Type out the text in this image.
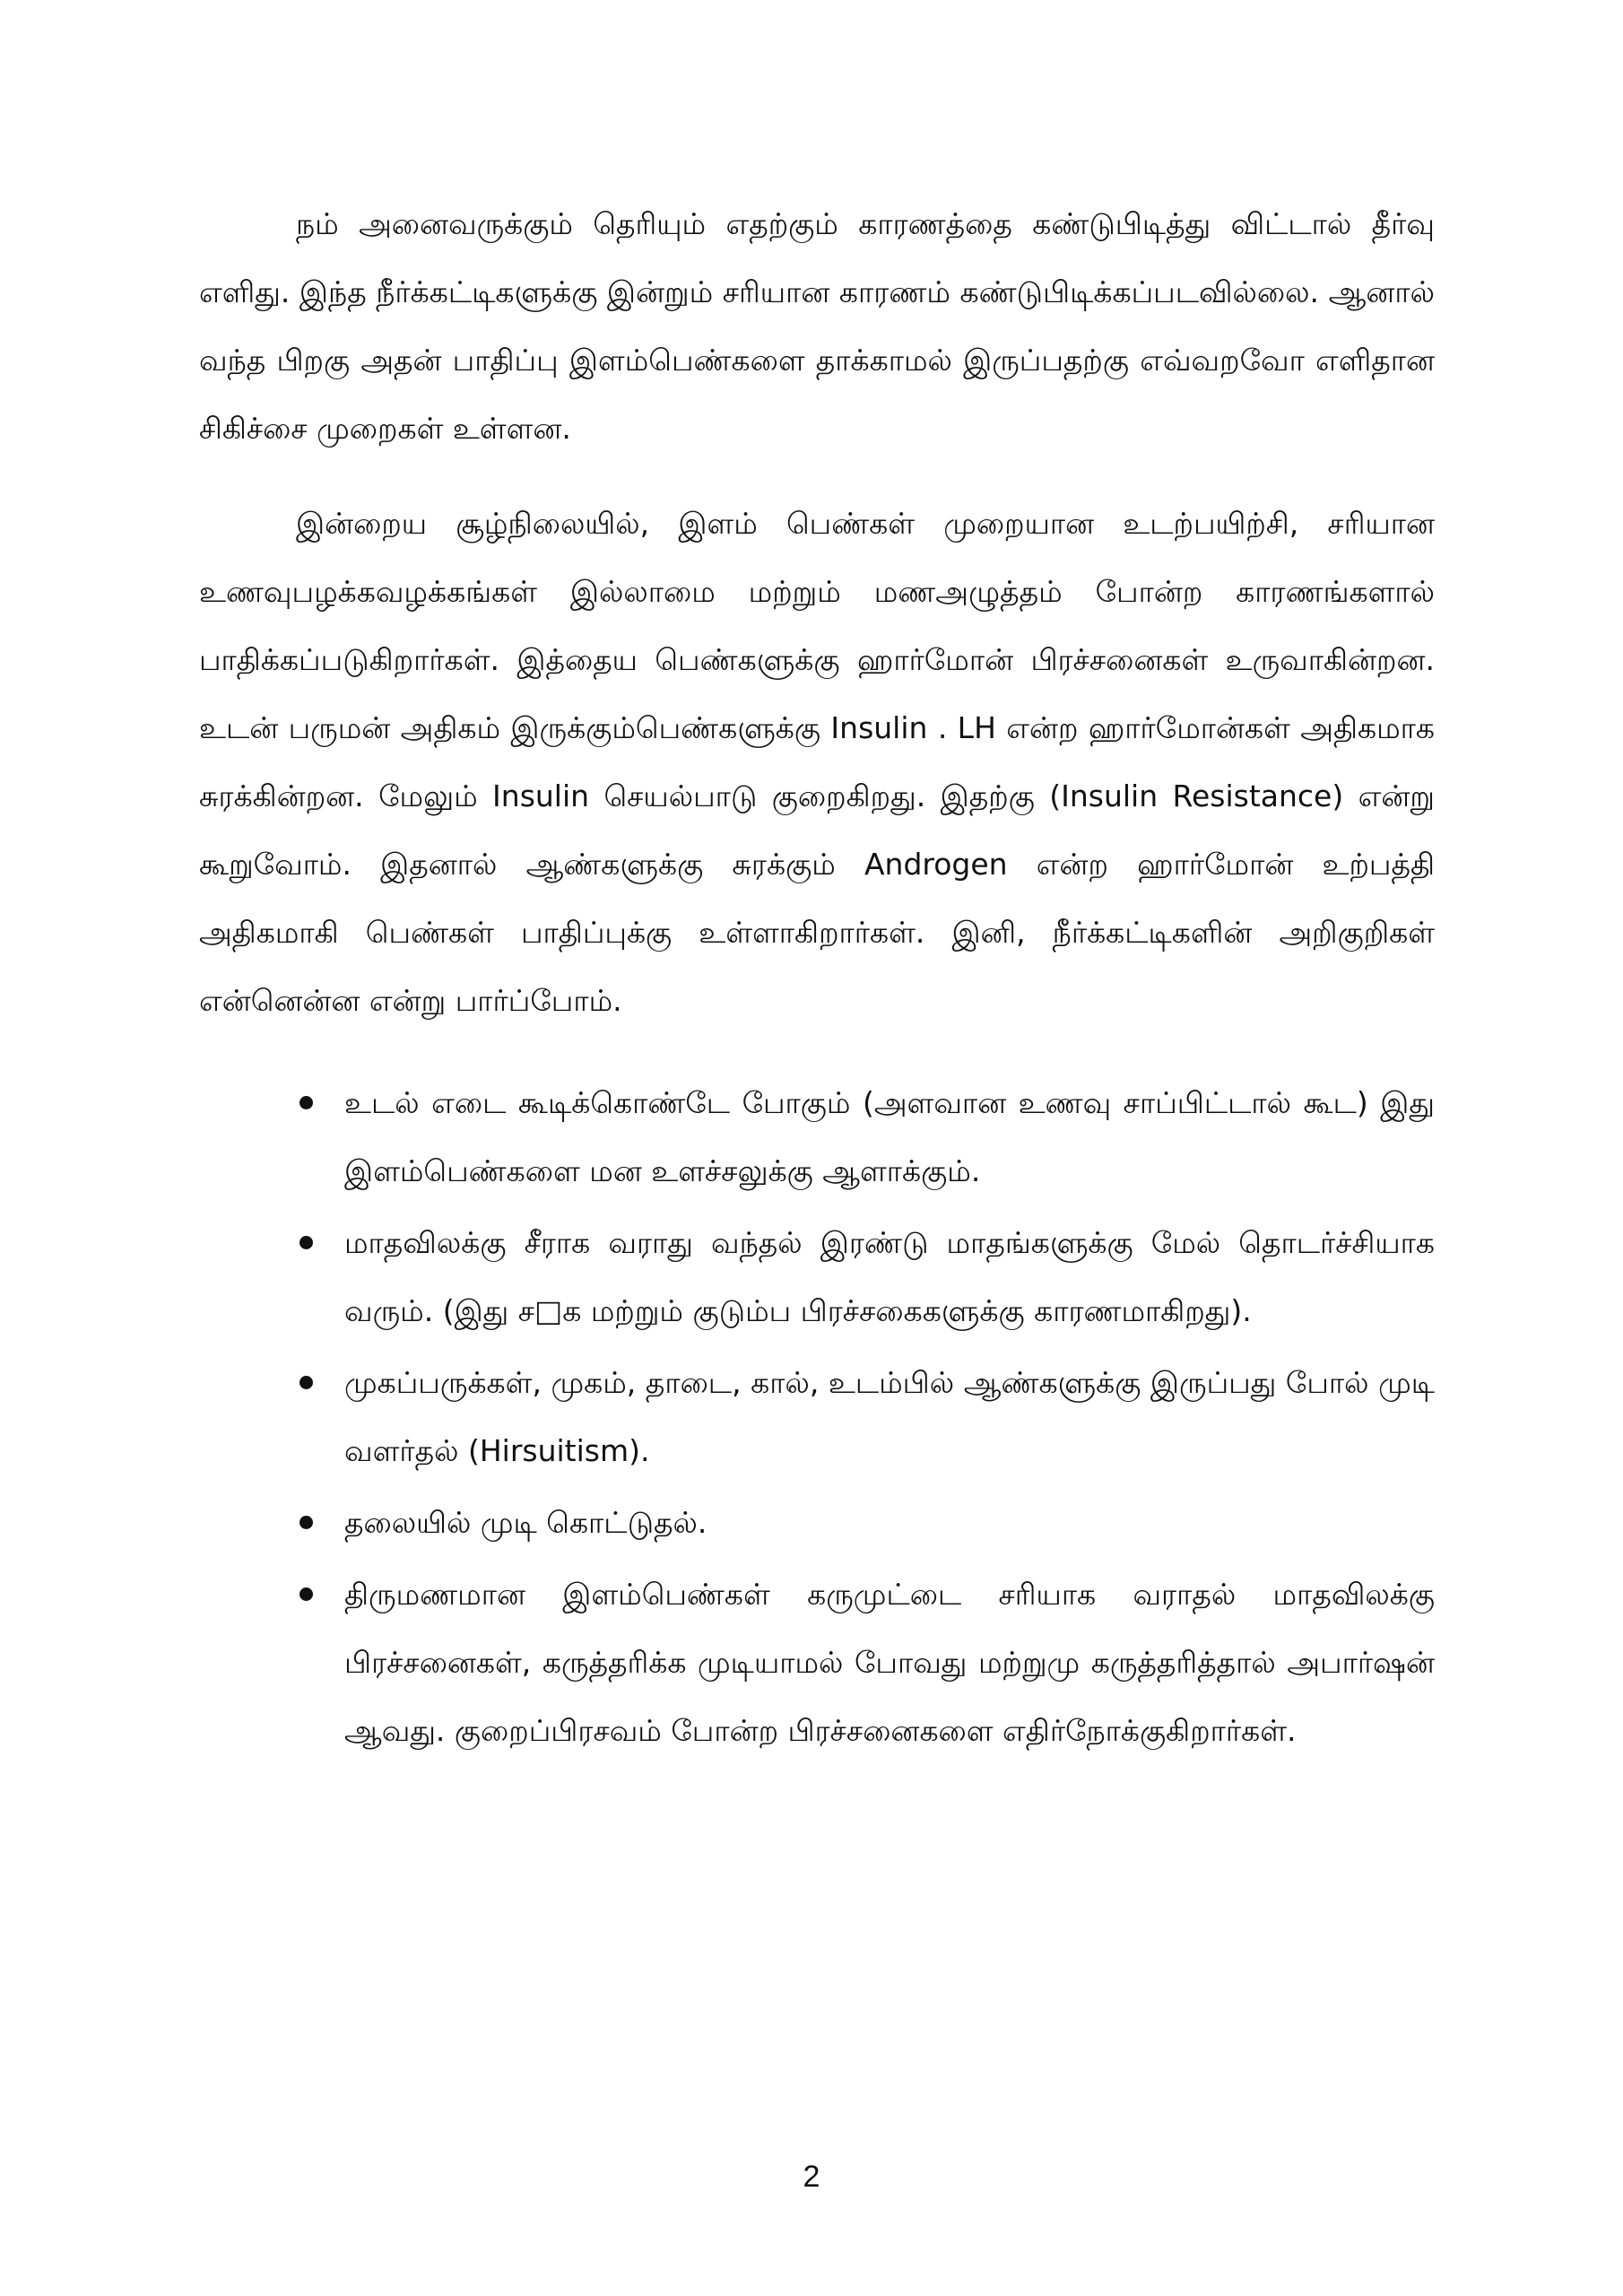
நம் அனைவருக்கும் தெரியும் எதற்கும் காரணத்தை கண்டுபிடித்து விட்டால் தீர்வு எளிது. இந்த நீர்க்கட்டிகளுக்கு இன்றும் சரியான காரணம் கண்டுபிடிக்கப்படவில்லை. ஆனால் வந்த பிறகு அதன் பாதிப்பு இளம்பெண்களை தாக்காமல் இருப்பதற்கு எவ்வறவோ எளிதான சிகிச்சை முறைகள் உள்ளன.

இன்றைய சூழ்நிலையில், இளம் பெண்கள் முறையான உடற்பயிற்சி, சரியான உணவுபழக்கவழக்கங்கள் இல்லாமை மற்றும் மணஅழுத்தம் போன்ற காரணங்களால் பாதிக்கப்படுகிறார்கள். இத்தைய பெண்களுக்கு ஹார்மோன் பிரச்சனைகள் உருவாகின்றன. உடன் பருமன் அதிகம் இருக்கும்பெண்களுக்கு Insulin . LH என்ற ஹார்மோன்கள் அதிகமாக சுரக்கின்றன. மேலும் Insulin செயல்பாடு குறைகிறது. இதற்கு (Insulin Resistance) என்று கூறுவோம். இதனால் ஆண்களுக்கு சுரக்கும் Androgen என்ற ஹார்மோன் உற்பத்தி அதிகமாகி பெண்கள் பாதிப்புக்கு உள்ளாகிறார்கள். இனி, நீர்க்கட்டிகளின் அறிகுறிகள் என்னென்ன என்று பார்ப்போம்.

உடல் எடை கூடிக்கொண்டே போகும் (அளவான உணவு சாப்பிட்டால் கூட) இது இளம்பெண்களை மன உளச்சலுக்கு ஆளாக்கும்.
மாதவிலக்கு சீராக வராது வந்தல் இரண்டு மாதங்களுக்கு மேல் தொடர்ச்சியாக வரும். (இது ச□க மற்றும் குடும்ப பிரச்சகைகளுக்கு காரணமாகிறது).
முகப்பருக்கள், முகம், தாடை, கால், உடம்பில் ஆண்களுக்கு இருப்பது போல் முடி வளர்தல் (Hirsuitism).
தலையில் முடி கொட்டுதல்.
திருமணமான இளம்பெண்கள் கருமுட்டை சரியாக வராதல் மாதவிலக்கு பிரச்சனைகள், கருத்தரிக்க முடியாமல் போவது மற்றுமு கருத்தரித்தால் அபார்ஷன் ஆவது. குறைப்பிரசவம் போன்ற பிரச்சனைகளை எதிர்நோக்குகிறார்கள்.
2
